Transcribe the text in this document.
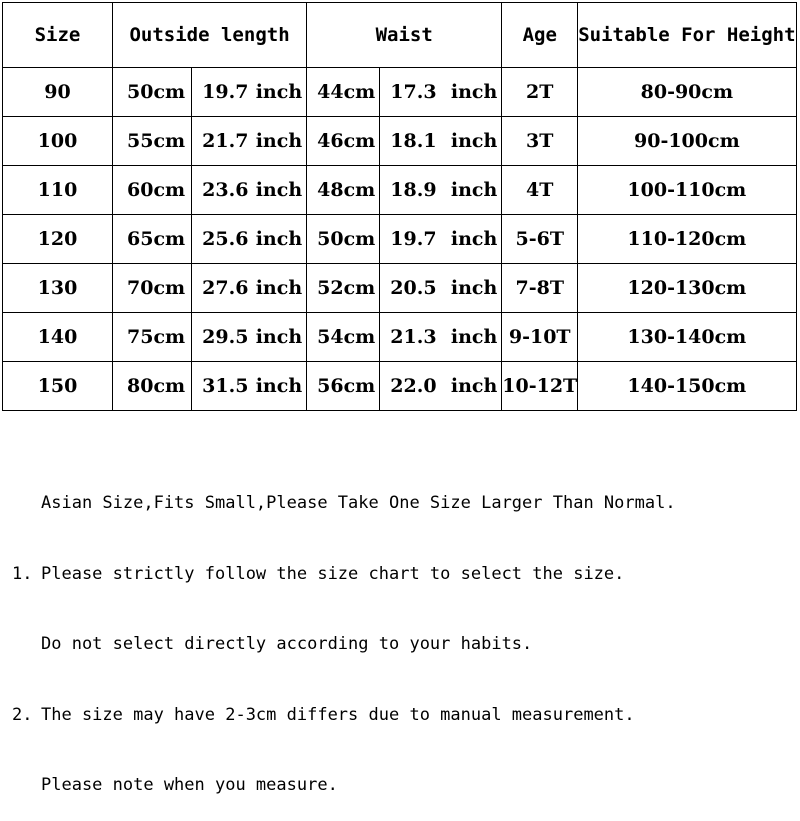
Size	Outside length		Waist		Age	Suitable For Height
90	50 cm	19.7 inch	44 cm	17.3 inch	2T	80-90cm
100	55 cm	21.7 inch	46 cm	18.1 inch	3T	90-100cm
110	60 cm	23.6 inch	48 cm	18.9 inch	4T	100-110cm
120	65 cm	25.6 inch	50 cm	19.7 inch	5-6T	110-120cm
130	70 cm	27.6 inch	52 cm	20.5 inch	7-8T	120-130cm
140	75 cm	29.5 inch	54 cm	21.3 inch	9-10T	130-140cm
150	80 cm	31.5 inch	56 cm	22.0 inch	10-12T	140-150cm

Asian Size,Fits Small,Please Take One Size Larger Than Normal.

1. Please strictly follow the size chart to select the size.

Do not select directly according to your habits.

2. The size may have 2-3cm differs due to manual measurement.

Please note when you measure.
